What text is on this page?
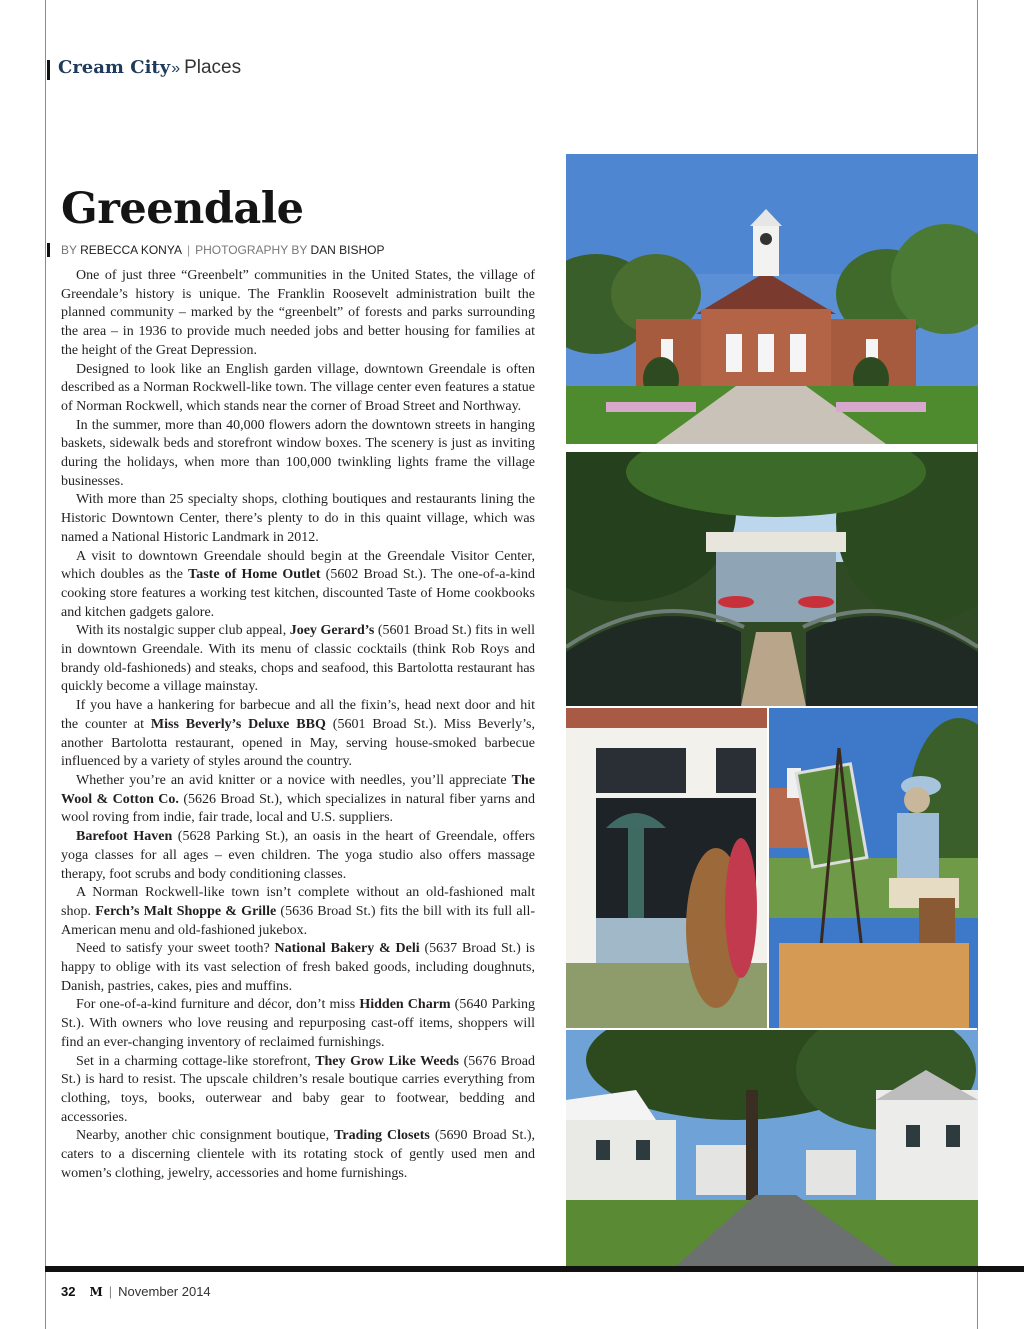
Cream City» Places
Greendale
BY REBECCA KONYA | PHOTOGRAPHY BY DAN BISHOP

One of just three “Greenbelt” communities in the United States, the village of Greendale’s history is unique. The Franklin Roosevelt administration built the planned community – marked by the “greenbelt” of forests and parks surrounding the area – in 1936 to provide much needed jobs and better housing for families at the height of the Great Depression.

Designed to look like an English garden village, downtown Greendale is often described as a Norman Rockwell-like town. The village center even features a statue of Norman Rockwell, which stands near the corner of Broad Street and Northway.

In the summer, more than 40,000 flowers adorn the downtown streets in hanging baskets, sidewalk beds and storefront window boxes. The scenery is just as inviting during the holidays, when more than 100,000 twinkling lights frame the village businesses.

With more than 25 specialty shops, clothing boutiques and restaurants lining the Historic Downtown Center, there’s plenty to do in this quaint village, which was named a National Historic Landmark in 2012.

A visit to downtown Greendale should begin at the Greendale Visitor Center, which doubles as the Taste of Home Outlet (5602 Broad St.). The one-of-a-kind cooking store features a working test kitchen, discounted Taste of Home cookbooks and kitchen gadgets galore.

With its nostalgic supper club appeal, Joey Gerard’s (5601 Broad St.) fits in well in downtown Greendale. With its menu of classic cocktails (think Rob Roys and brandy old-fashioneds) and steaks, chops and seafood, this Bartolotta restaurant has quickly become a village mainstay.

If you have a hankering for barbecue and all the fixin’s, head next door and hit the counter at Miss Beverly’s Deluxe BBQ (5601 Broad St.). Miss Beverly’s, another Bartolotta restaurant, opened in May, serving house-smoked barbecue influenced by a variety of styles around the country.

Whether you’re an avid knitter or a novice with needles, you’ll appreciate The Wool & Cotton Co. (5626 Broad St.), which specializes in natural fiber yarns and wool roving from indie, fair trade, local and U.S. suppliers.

Barefoot Haven (5628 Parking St.), an oasis in the heart of Greendale, offers yoga classes for all ages – even children. The yoga studio also offers massage therapy, foot scrubs and body conditioning classes.

A Norman Rockwell-like town isn’t complete without an old-fashioned malt shop. Ferch’s Malt Shoppe & Grille (5636 Broad St.) fits the bill with its full all-American menu and old-fashioned jukebox.

Need to satisfy your sweet tooth? National Bakery & Deli (5637 Broad St.) is happy to oblige with its vast selection of fresh baked goods, including doughnuts, Danish, pastries, cakes, pies and muffins.

For one-of-a-kind furniture and décor, don’t miss Hidden Charm (5640 Parking St.). With owners who love reusing and repurposing cast-off items, shoppers will find an ever-changing inventory of reclaimed furnishings.

Set in a charming cottage-like storefront, They Grow Like Weeds (5676 Broad St.) is hard to resist. The upscale children’s resale boutique carries everything from clothing, toys, books, outerwear and baby gear to footwear, bedding and accessories.

Nearby, another chic consignment boutique, Trading Closets (5690 Broad St.), caters to a discerning clientele with its rotating stock of gently used men and women’s clothing, jewelry, accessories and home furnishings.

32 M | November 2014
